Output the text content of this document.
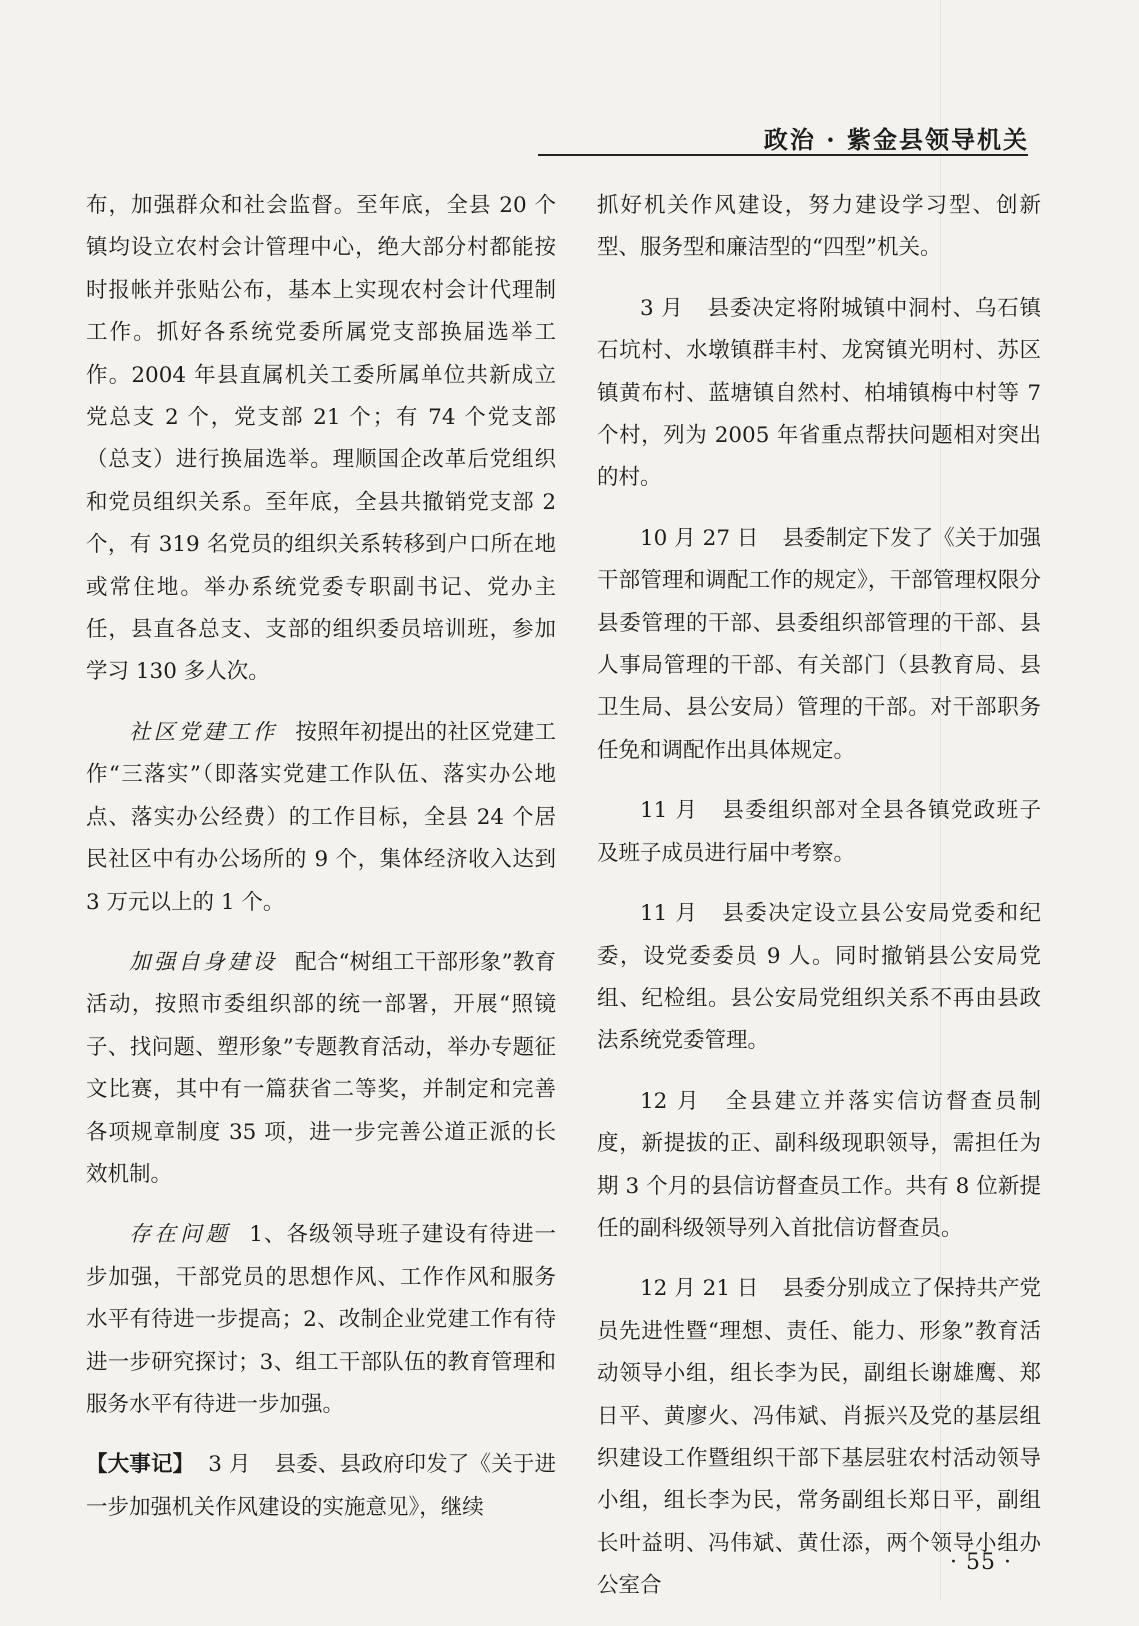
政治 · 紫金县领导机关

布，加强群众和社会监督。至年底，全县 20 个镇均设立农村会计管理中心，绝大部分村都能按时报帐并张贴公布，基本上实现农村会计代理制工作。抓好各系统党委所属党支部换届选举工作。2004 年县直属机关工委所属单位共新成立党总支 2 个，党支部 21 个；有 74 个党支部（总支）进行换届选举。理顺国企改革后党组织和党员组织关系。至年底，全县共撤销党支部 2 个，有 319 名党员的组织关系转移到户口所在地或常住地。举办系统党委专职副书记、党办主任，县直各总支、支部的组织委员培训班，参加学习 130 多人次。

社区党建工作 按照年初提出的社区党建工作“三落实”（即落实党建工作队伍、落实办公地点、落实办公经费）的工作目标，全县 24 个居民社区中有办公场所的 9 个，集体经济收入达到 3 万元以上的 1 个。

加强自身建设 配合“树组工干部形象”教育活动，按照市委组织部的统一部署，开展“照镜子、找问题、塑形象”专题教育活动，举办专题征文比赛，其中有一篇获省二等奖，并制定和完善各项规章制度 35 项，进一步完善公道正派的长效机制。

存在问题 1、各级领导班子建设有待进一步加强，干部党员的思想作风、工作作风和服务水平有待进一步提高；2、改制企业党建工作有待进一步研究探讨；3、组工干部队伍的教育管理和服务水平有待进一步加强。

【大事记】 3 月 县委、县政府印发了《关于进一步加强机关作风建设的实施意见》，继续

抓好机关作风建设，努力建设学习型、创新型、服务型和廉洁型的“四型”机关。

3 月 县委决定将附城镇中洞村、乌石镇石坑村、水墩镇群丰村、龙窝镇光明村、苏区镇黄布村、蓝塘镇自然村、柏埔镇梅中村等 7 个村，列为 2005 年省重点帮扶问题相对突出的村。

10 月 27 日 县委制定下发了《关于加强干部管理和调配工作的规定》，干部管理权限分县委管理的干部、县委组织部管理的干部、县人事局管理的干部、有关部门（县教育局、县卫生局、县公安局）管理的干部。对干部职务任免和调配作出具体规定。

11 月 县委组织部对全县各镇党政班子及班子成员进行届中考察。

11 月 县委决定设立县公安局党委和纪委，设党委委员 9 人。同时撤销县公安局党组、纪检组。县公安局党组织关系不再由县政法系统党委管理。

12 月 全县建立并落实信访督查员制度，新提拔的正、副科级现职领导，需担任为期 3 个月的县信访督查员工作。共有 8 位新提任的副科级领导列入首批信访督查员。

12 月 21 日 县委分别成立了保持共产党员先进性暨“理想、责任、能力、形象”教育活动领导小组，组长李为民，副组长谢雄鹰、郑日平、黄廖火、冯伟斌、肖振兴及党的基层组织建设工作暨组织干部下基层驻农村活动领导小组，组长李为民，常务副组长郑日平，副组长叶益明、冯伟斌、黄仕添，两个领导小组办公室合

· 55 ·
